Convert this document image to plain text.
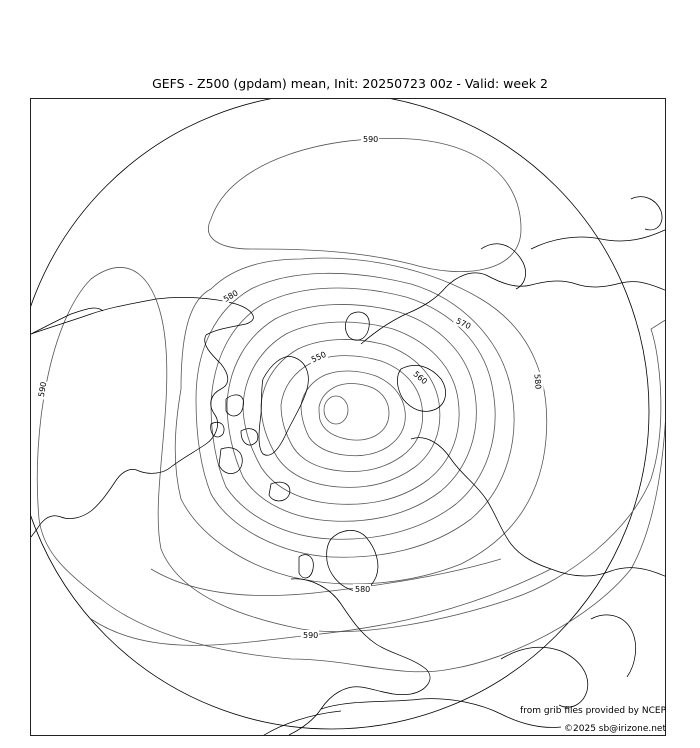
GEFS - Z500 (gpdam) mean, Init: 20250723 00z - Valid: week 2
590
580
570
560
550
590	580
590
580
from grib files provided by NCEP
©2025 sb@irizone.net
